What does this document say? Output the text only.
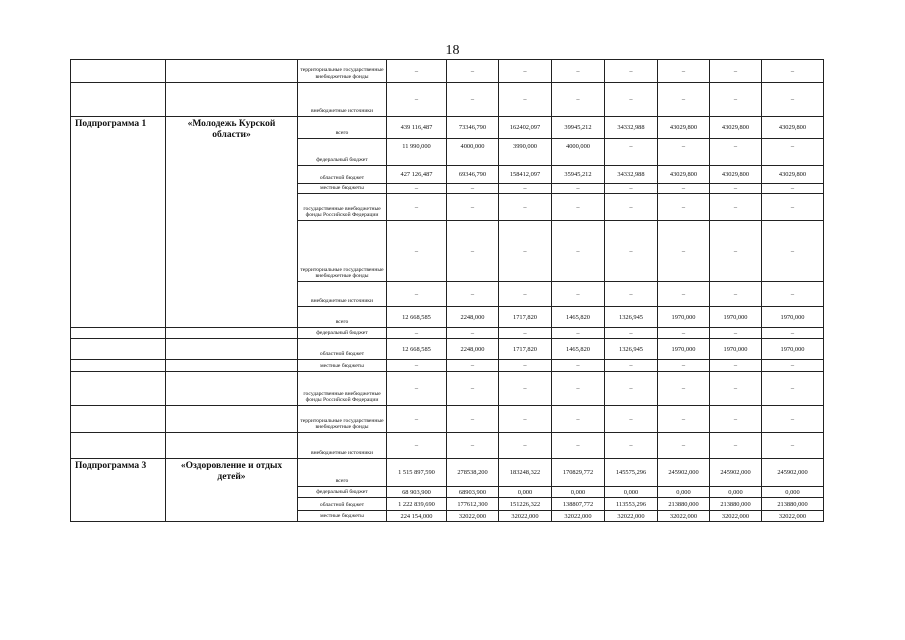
18
		территориальные государственные внебюджетные фонды	–	–	–	–	–	–	–	–
		внебюджетные источники	–	–	–	–	–	–	–	–
Подпрограмма 1	«Молодежь Курской области»	всего	439 116,487	73346,790	162402,097	39945,212	34332,988	43029,800	43029,800	43029,800
		федеральный бюджет	11 990,000	4000,000	3990,000	4000,000	–	–	–	–
		областной бюджет	427 126,487	69346,790	158412,097	35945,212	34332,988	43029,800	43029,800	43029,800
		местные бюджеты	–	–	–	–	–	–	–	–
		государственные внебюджетные фонды Российской Федерации	–	–	–	–	–	–	–	–
		территориальные государственные внебюджетные фонды	–	–	–	–	–	–	–	–
		внебюджетные источники	–	–	–	–	–	–	–	–
		всего	12 668,585	2248,000	1717,820	1465,820	1326,945	1970,000	1970,000	1970,000
		федеральный бюджет	–	–	–	–	–	–	–	–
		областной бюджет	12 668,585	2248,000	1717,820	1465,820	1326,945	1970,000	1970,000	1970,000
		местные бюджеты	–	–	–	–	–	–	–	–
		государственные внебюджетные фонды Российской Федерации	–	–	–	–	–	–	–	–
		территориальные государственные внебюджетные фонды	–	–	–	–	–	–	–	–
		внебюджетные источники	–	–	–	–	–	–	–	–
Подпрограмма 3	«Оздоровление и отдых детей»	всего	1 515 897,590	278538,200	183248,322	170829,772	145575,296	245902,000	245902,000	245902,000
		федеральный бюджет	68 903,900	68903,900	0,000	0,000	0,000	0,000	0,000	0,000
		областной бюджет	1 222 839,690	177612,300	151226,322	138807,772	113553,296	213880,000	213880,000	213880,000
		местные бюджеты	224 154,000	32022,000	32022,000	32022,000	32022,000	32022,000	32022,000	32022,000
